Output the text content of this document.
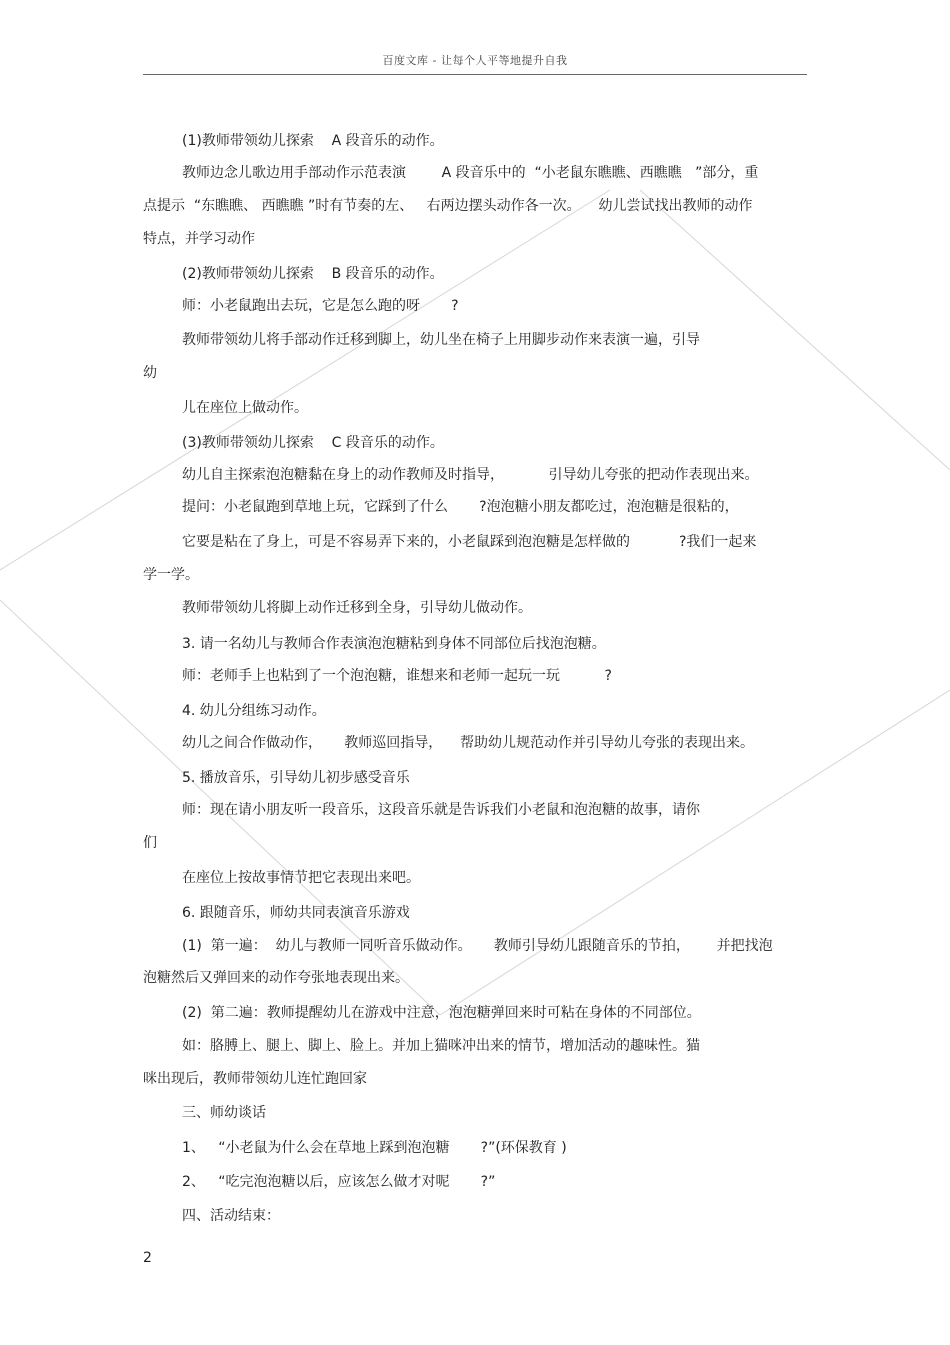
百度文库 - 让每个人平等地提升自我
(1)教师带领幼儿探索    A 段音乐的动作。
教师边念儿歌边用手部动作示范表演        A 段音乐中的  “小老鼠东瞧瞧、西瞧瞧   ”部分，重
点提示  “东瞧瞧、 西瞧瞧 ”时有节奏的左、   右两边摆头动作各一次。    幼儿尝试找出教师的动作
特点，并学习动作
(2)教师带领幼儿探索    B 段音乐的动作。
师：小老鼠跑出去玩，它是怎么跑的呀       ?
教师带领幼儿将手部动作迁移到脚上，幼儿坐在椅子上用脚步动作来表演一遍，引导
幼
儿在座位上做动作。
(3)教师带领幼儿探索    C 段音乐的动作。
幼儿自主探索泡泡糖黏在身上的动作教师及时指导，          引导幼儿夸张的把动作表现出来。
提问：小老鼠跑到草地上玩，它踩到了什么       ?泡泡糖小朋友都吃过，泡泡糖是很粘的，
它要是粘在了身上，可是不容易弄下来的，小老鼠踩到泡泡糖是怎样做的           ?我们一起来
学一学。
教师带领幼儿将脚上动作迁移到全身，引导幼儿做动作。
3. 请一名幼儿与教师合作表演泡泡糖粘到身体不同部位后找泡泡糖。
师：老师手上也粘到了一个泡泡糖，谁想来和老师一起玩一玩          ?
4. 幼儿分组练习动作。
幼儿之间合作做动作，     教师巡回指导，    帮助幼儿规范动作并引导幼儿夸张的表现出来。
5. 播放音乐，引导幼儿初步感受音乐
师：现在请小朋友听一段音乐，这段音乐就是告诉我们小老鼠和泡泡糖的故事，请你
们
在座位上按故事情节把它表现出来吧。
6. 跟随音乐，师幼共同表演音乐游戏
(1)  第一遍：  幼儿与教师一同听音乐做动作。     教师引导幼儿跟随音乐的节拍，      并把找泡
泡糖然后又弹回来的动作夸张地表现出来。
(2)  第二遍：教师提醒幼儿在游戏中注意，泡泡糖弹回来时可粘在身体的不同部位。
如：胳膊上、腿上、脚上、脸上。并加上猫咪冲出来的情节，增加活动的趣味性。猫
咪出现后，教师带领幼儿连忙跑回家
三、师幼谈话
1、   “小老鼠为什么会在草地上踩到泡泡糖       ?”(环保教育 )
2、   “吃完泡泡糖以后，应该怎么做才对呢       ?”
四、活动结束：
2
